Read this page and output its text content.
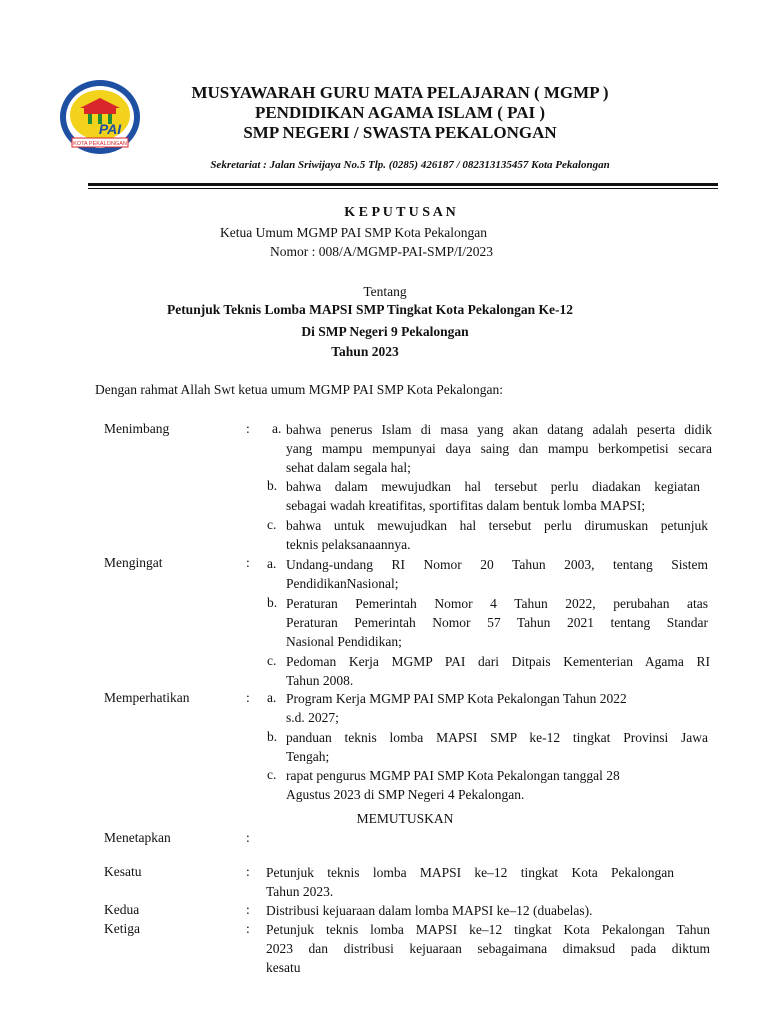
PAI
KOTA PEKALONGAN
MUSYAWARAH GURU MATA PELAJARAN ( MGMP )
PENDIDIKAN AGAMA ISLAM ( PAI )
SMP NEGERI / SWASTA PEKALONGAN
Sekretariat : Jalan Sriwijaya No.5 Tlp. (0285) 426187 / 082313135457 Kota Pekalongan
K E P U T U S A N
Ketua Umum MGMP PAI SMP Kota Pekalongan
Nomor : 008/A/MGMP-PAI-SMP/I/2023
Tentang
Petunjuk Teknis Lomba MAPSI SMP Tingkat Kota Pekalongan Ke-12
Di SMP Negeri 9 Pekalongan
Tahun 2023
Dengan rahmat Allah Swt ketua umum MGMP PAI SMP Kota Pekalongan:
Menimbang	: a. bahwa penerus Islam di masa yang akan datang adalah peserta didik
yang mampu mempunyai daya saing dan mampu berkompetisi secara
sehat dalam segala hal;
b. bahwa dalam mewujudkan hal tersebut perlu diadakan kegiatan
sebagai wadah kreatifitas, sportifitas dalam bentuk lomba MAPSI;
c. bahwa untuk mewujudkan hal tersebut perlu dirumuskan petunjuk
teknis pelaksanaannya.
Mengingat	: a. Undang-undang RI Nomor 20 Tahun 2003, tentang Sistem
PendidikanNasional;
b. Peraturan Pemerintah Nomor 4 Tahun 2022, perubahan atas
Peraturan Pemerintah Nomor 57 Tahun 2021 tentang Standar
Nasional Pendidikan;
c. Pedoman Kerja MGMP PAI dari Ditpais Kementerian Agama RI
Tahun 2008.
Memperhatikan	: a. Program Kerja MGMP PAI SMP Kota Pekalongan Tahun 2022
s.d. 2027;
b. panduan teknis lomba MAPSI SMP ke-12 tingkat Provinsi Jawa
Tengah;
c. rapat pengurus MGMP PAI SMP Kota Pekalongan tanggal 28
Agustus 2023 di SMP Negeri 4 Pekalongan.
MEMUTUSKAN
Menetapkan	:
Kesatu	: Petunjuk teknis lomba MAPSI ke–12 tingkat Kota Pekalongan
Tahun 2023.
Kedua	: Distribusi kejuaraan dalam lomba MAPSI ke–12 (duabelas).
Ketiga	: Petunjuk teknis lomba MAPSI ke–12 tingkat Kota Pekalongan Tahun
2023 dan distribusi kejuaraan sebagaimana dimaksud pada diktum
kesatu
